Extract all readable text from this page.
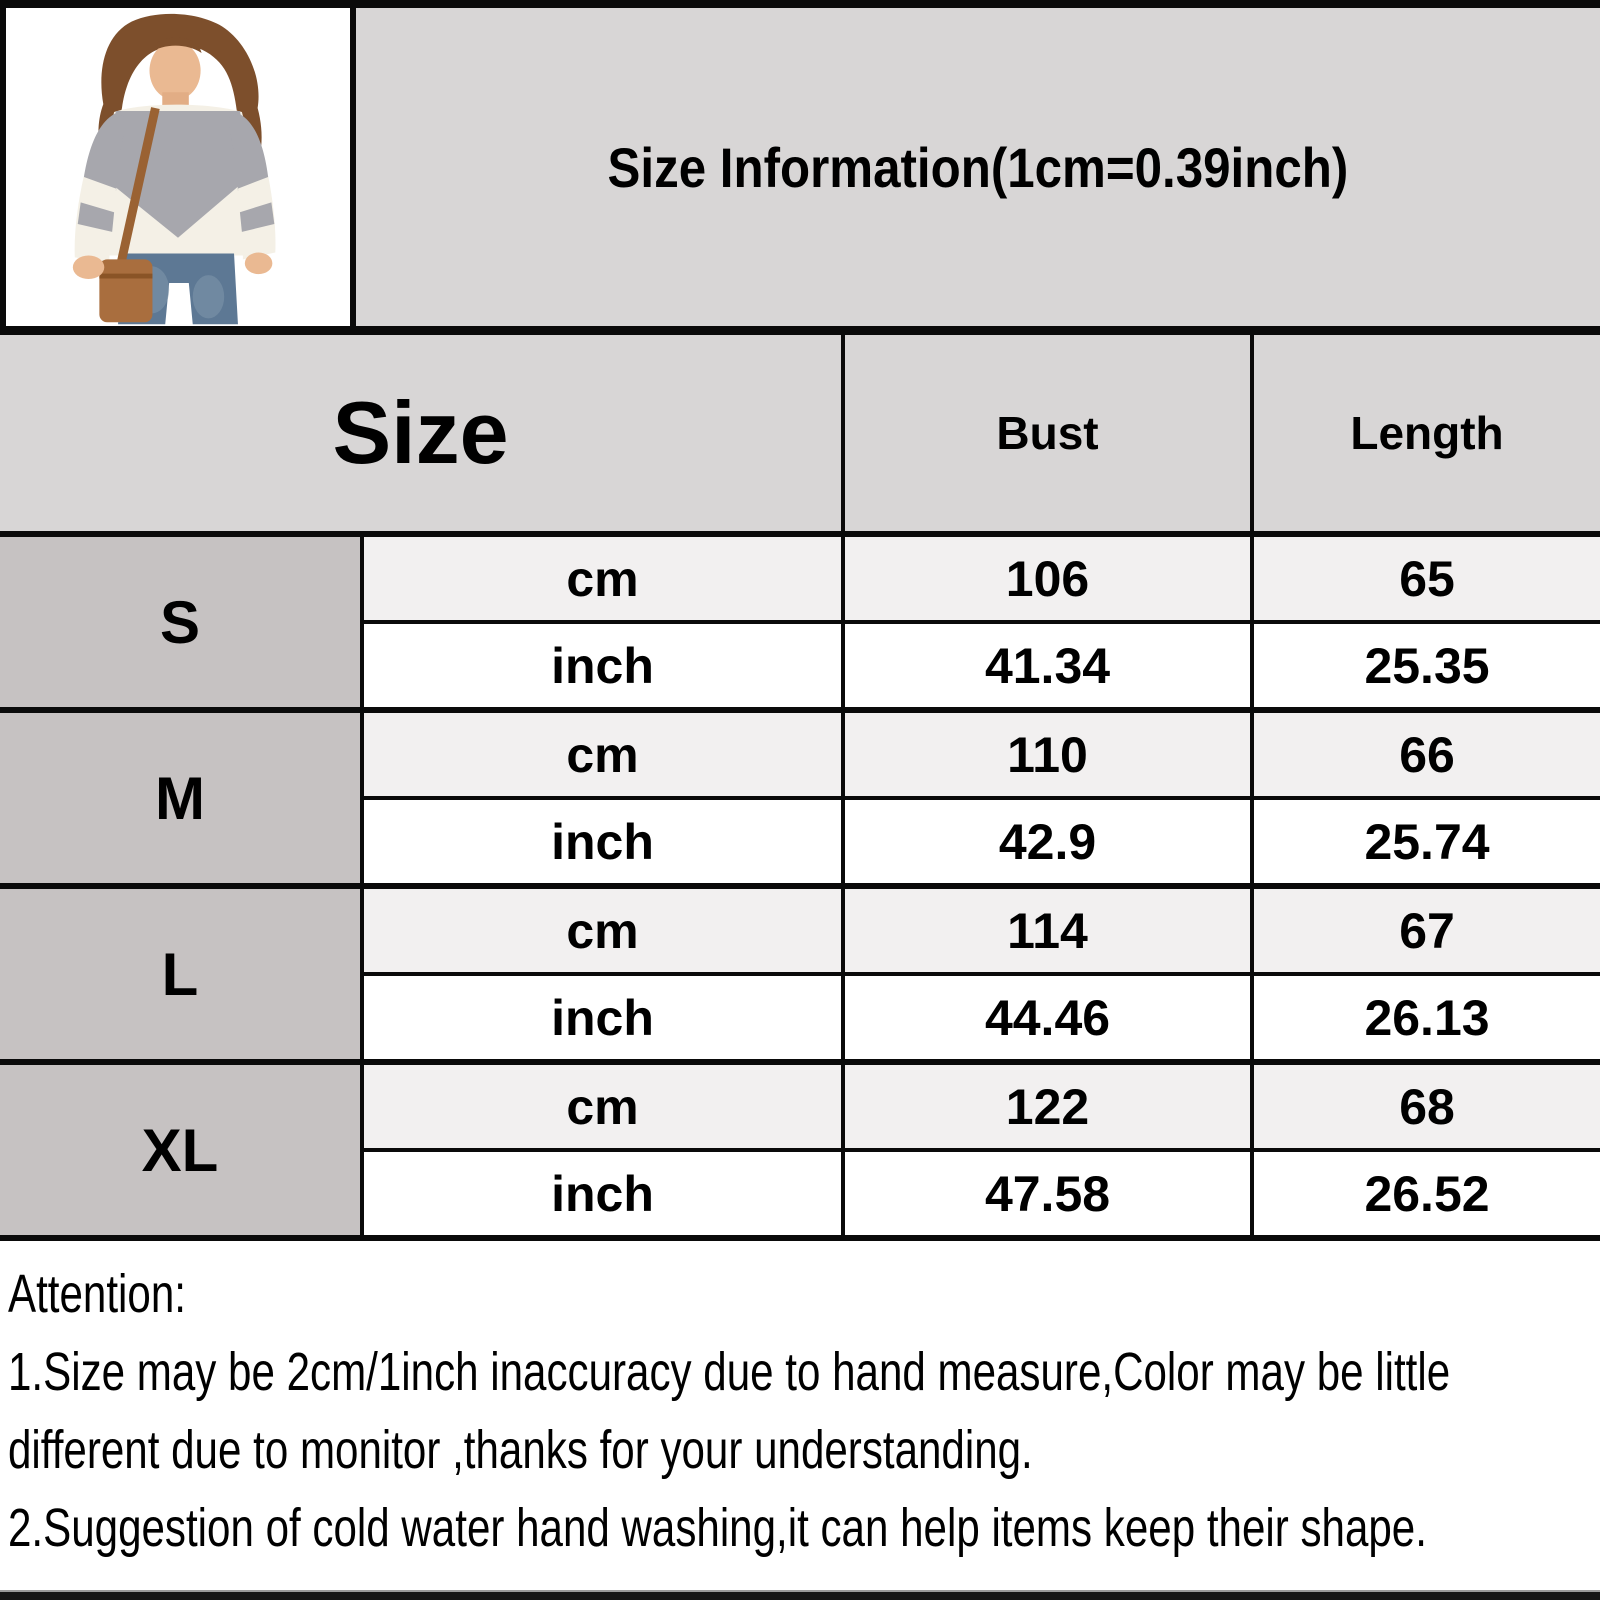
Size Information(1cm=0.39inch)
Size		Bust	Length
S	cm	106	65
	inch	41.34	25.35
M	cm	110	66
	inch	42.9	25.74
L	cm	114	67
	inch	44.46	26.13
XL	cm	122	68
	inch	47.58	26.52
Attention:
1.Size may be 2cm/1inch inaccuracy due to hand measure,Color may be little
different due to monitor ,thanks for your understanding.
2.Suggestion of cold water hand washing,it can help items keep their shape.
